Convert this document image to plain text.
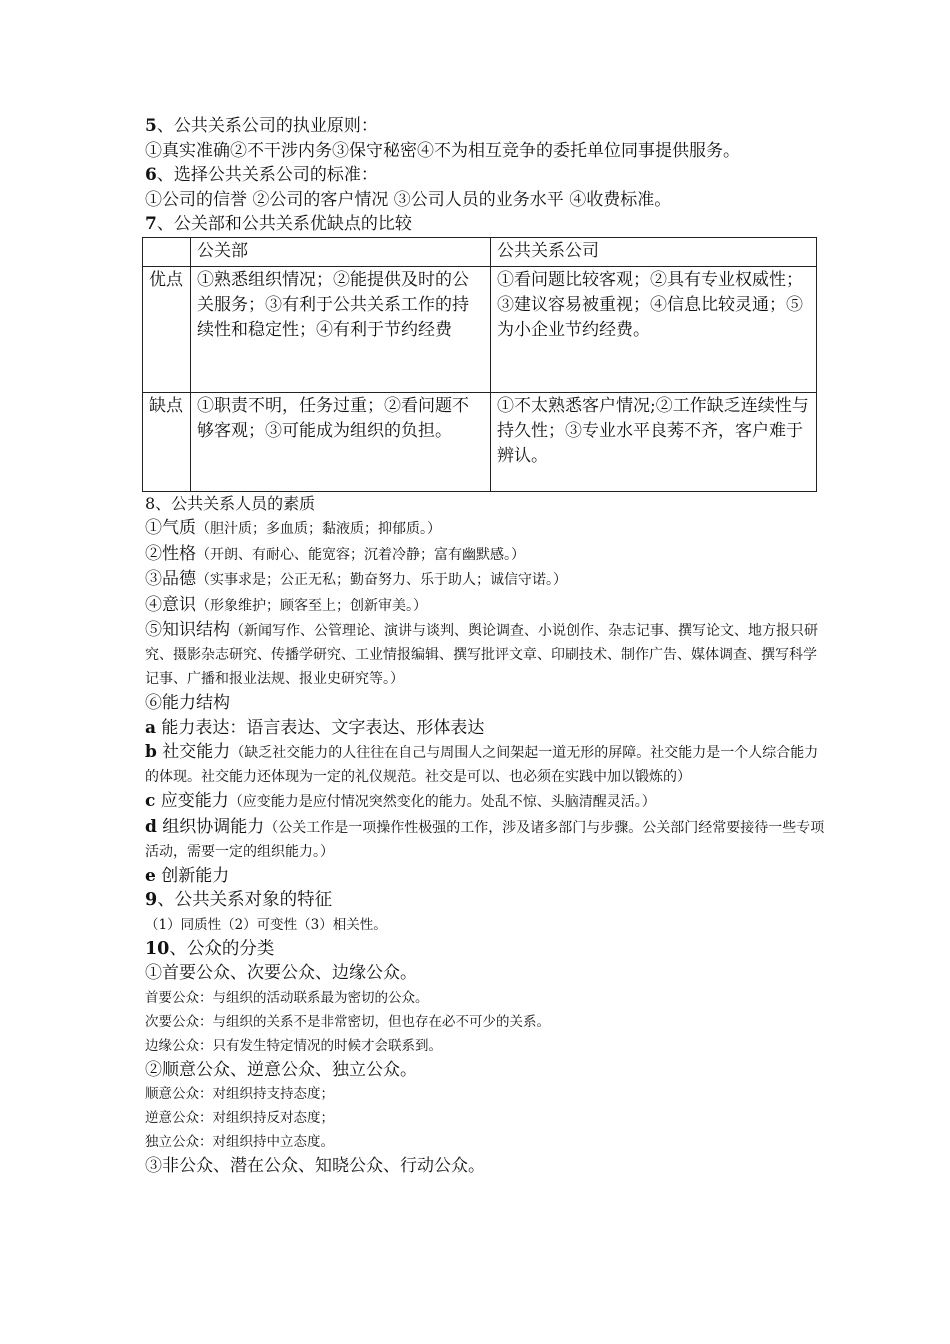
5、公共关系公司的执业原则：
①真实准确②不干涉内务③保守秘密④不为相互竞争的委托单位同事提供服务。
6、选择公共关系公司的标准：
①公司的信誉 ②公司的客户情况 ③公司人员的业务水平 ④收费标准。
7、公关部和公共关系优缺点的比较
	公关部	公共关系公司
优点	①熟悉组织情况；②能提供及时的公关服务；③有利于公共关系工作的持续性和稳定性；④有利于节约经费	①看问题比较客观；②具有专业权威性；③建议容易被重视；④信息比较灵通；⑤为小企业节约经费。
缺点	①职责不明，任务过重；②看问题不够客观；③可能成为组织的负担。	①不太熟悉客户情况;②工作缺乏连续性与持久性；③专业水平良莠不齐，客户难于辨认。
8、公共关系人员的素质
①气质（胆汁质；多血质；黏液质；抑郁质。）
②性格（开朗、有耐心、能宽容；沉着冷静；富有幽默感。）
③品德（实事求是；公正无私；勤奋努力、乐于助人；诚信守诺。）
④意识（形象维护；顾客至上；创新审美。）
⑤知识结构（新闻写作、公管理论、演讲与谈判、舆论调查、小说创作、杂志记事、撰写论文、地方报只研究、摄影杂志研究、传播学研究、工业情报编辑、撰写批评文章、印刷技术、制作广告、媒体调查、撰写科学记事、广播和报业法规、报业史研究等。）
⑥能力结构
a 能力表达：语言表达、文字表达、形体表达
b 社交能力（缺乏社交能力的人往往在自己与周围人之间架起一道无形的屏障。社交能力是一个人综合能力的体现。社交能力还体现为一定的礼仪规范。社交是可以、也必须在实践中加以锻炼的）
c 应变能力（应变能力是应付情况突然变化的能力。处乱不惊、头脑清醒灵活。）
d 组织协调能力（公关工作是一项操作性极强的工作，涉及诸多部门与步骤。公关部门经常要接待一些专项活动，需要一定的组织能力。）
e 创新能力
9、公共关系对象的特征
（1）同质性（2）可变性（3）相关性。
10、公众的分类
①首要公众、次要公众、边缘公众。
首要公众：与组织的活动联系最为密切的公众。
次要公众：与组织的关系不是非常密切，但也存在必不可少的关系。
边缘公众：只有发生特定情况的时候才会联系到。
②顺意公众、逆意公众、独立公众。
顺意公众：对组织持支持态度；
逆意公众：对组织持反对态度；
独立公众：对组织持中立态度。
③非公众、潜在公众、知晓公众、行动公众。
